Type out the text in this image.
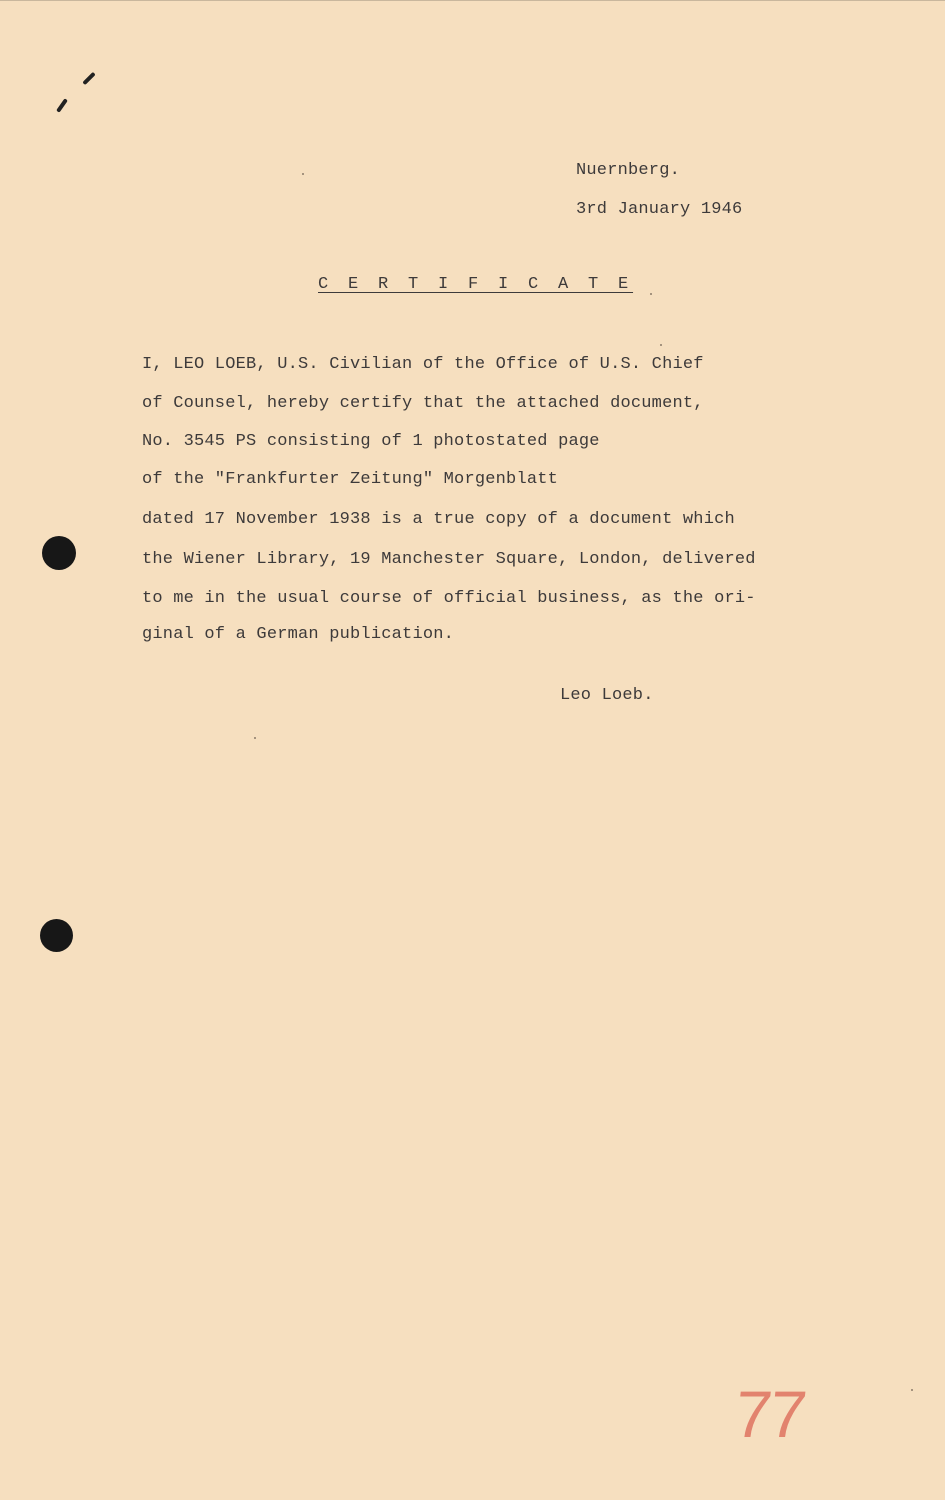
Nuernberg.
3rd January 1946
C E R T I F I C A T E
I, LEO LOEB, U.S. Civilian of the Office of U.S. Chief
of Counsel, hereby certify that the attached document,
No. 3545 PS consisting of 1 photostated page
of the "Frankfurter Zeitung" Morgenblatt
dated 17 November 1938 is a true copy of a document which
the Wiener Library, 19 Manchester Square, London, delivered
to me in the usual course of official business, as the ori-
ginal of a German publication.
Leo Loeb.
77
